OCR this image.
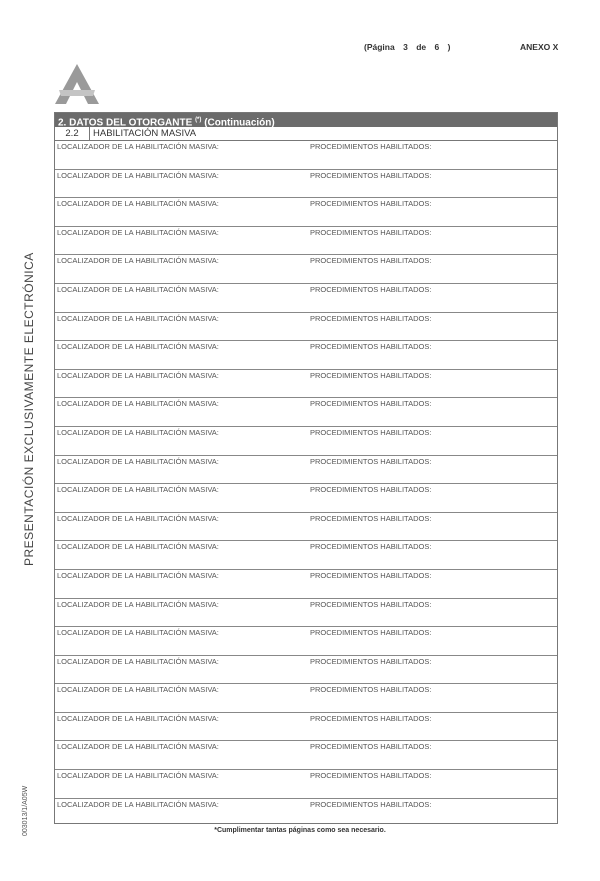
(Página 3 de 6 )	ANEXO X
PRESENTACIÓN EXCLUSIVAMENTE ELECTRÓNICA
003013/1/A05W
2. DATOS DEL OTORGANTE (*) (Continuación)
2.2	HABILITACIÓN MASIVA
LOCALIZADOR DE LA HABILITACIÓN MASIVA:	PROCEDIMIENTOS HABILITADOS:
LOCALIZADOR DE LA HABILITACIÓN MASIVA:	PROCEDIMIENTOS HABILITADOS:
LOCALIZADOR DE LA HABILITACIÓN MASIVA:	PROCEDIMIENTOS HABILITADOS:
LOCALIZADOR DE LA HABILITACIÓN MASIVA:	PROCEDIMIENTOS HABILITADOS:
LOCALIZADOR DE LA HABILITACIÓN MASIVA:	PROCEDIMIENTOS HABILITADOS:
LOCALIZADOR DE LA HABILITACIÓN MASIVA:	PROCEDIMIENTOS HABILITADOS:
LOCALIZADOR DE LA HABILITACIÓN MASIVA:	PROCEDIMIENTOS HABILITADOS:
LOCALIZADOR DE LA HABILITACIÓN MASIVA:	PROCEDIMIENTOS HABILITADOS:
LOCALIZADOR DE LA HABILITACIÓN MASIVA:	PROCEDIMIENTOS HABILITADOS:
LOCALIZADOR DE LA HABILITACIÓN MASIVA:	PROCEDIMIENTOS HABILITADOS:
LOCALIZADOR DE LA HABILITACIÓN MASIVA:	PROCEDIMIENTOS HABILITADOS:
LOCALIZADOR DE LA HABILITACIÓN MASIVA:	PROCEDIMIENTOS HABILITADOS:
LOCALIZADOR DE LA HABILITACIÓN MASIVA:	PROCEDIMIENTOS HABILITADOS:
LOCALIZADOR DE LA HABILITACIÓN MASIVA:	PROCEDIMIENTOS HABILITADOS:
LOCALIZADOR DE LA HABILITACIÓN MASIVA:	PROCEDIMIENTOS HABILITADOS:
LOCALIZADOR DE LA HABILITACIÓN MASIVA:	PROCEDIMIENTOS HABILITADOS:
LOCALIZADOR DE LA HABILITACIÓN MASIVA:	PROCEDIMIENTOS HABILITADOS:
LOCALIZADOR DE LA HABILITACIÓN MASIVA:	PROCEDIMIENTOS HABILITADOS:
LOCALIZADOR DE LA HABILITACIÓN MASIVA:	PROCEDIMIENTOS HABILITADOS:
LOCALIZADOR DE LA HABILITACIÓN MASIVA:	PROCEDIMIENTOS HABILITADOS:
LOCALIZADOR DE LA HABILITACIÓN MASIVA:	PROCEDIMIENTOS HABILITADOS:
LOCALIZADOR DE LA HABILITACIÓN MASIVA:	PROCEDIMIENTOS HABILITADOS:
LOCALIZADOR DE LA HABILITACIÓN MASIVA:	PROCEDIMIENTOS HABILITADOS:
LOCALIZADOR DE LA HABILITACIÓN MASIVA:	PROCEDIMIENTOS HABILITADOS:
*Cumplimentar tantas páginas como sea necesario.
